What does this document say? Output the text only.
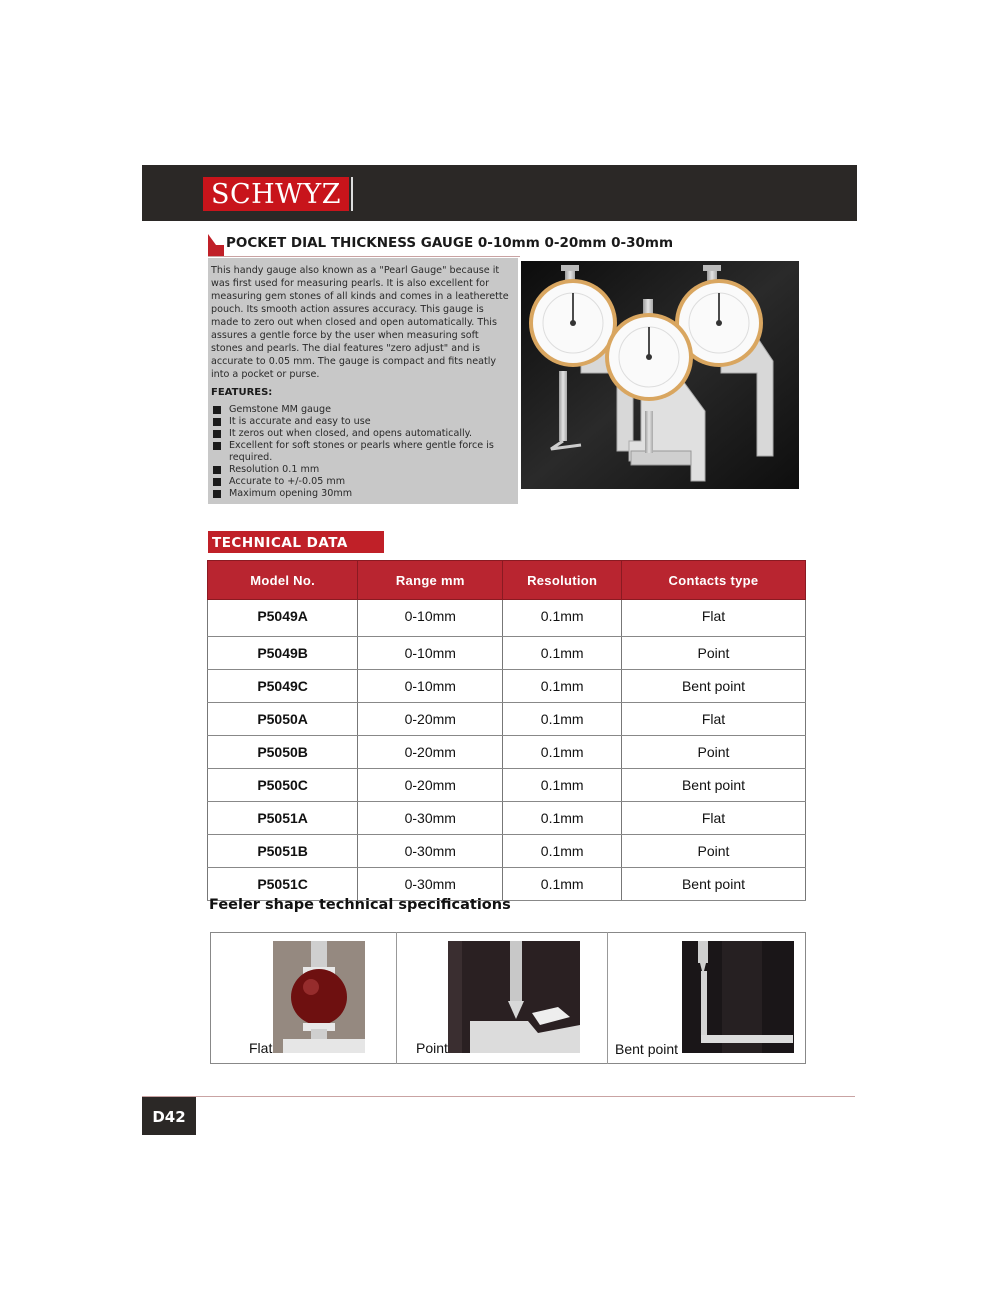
SCHWYZ
POCKET DIAL THICKNESS GAUGE 0-10mm 0-20mm 0-30mm

This handy gauge also known as a "Pearl Gauge" because it was first used for measuring pearls. It is also excellent for measuring gem stones of all kinds and comes in a leatherette pouch. Its smooth action assures accuracy. This gauge is made to zero out when closed and open automatically. This assures a gentle force by the user when measuring soft stones and pearls. The dial features "zero adjust" and is accurate to 0.05 mm. The gauge is compact and fits neatly into a pocket or purse.

FEATURES:
Gemstone MM gauge
It is accurate and easy to use
It zeros out when closed, and opens automatically.
Excellent for soft stones or pearls where gentle force is required.
Resolution 0.1 mm
Accurate to +/-0.05 mm
Maximum opening 30mm
TECHNICAL DATA
Model No.	Range mm	Resolution	Contacts type
P5049A	0-10mm	0.1mm	Flat
P5049B	0-10mm	0.1mm	Point
P5049C	0-10mm	0.1mm	Bent point
P5050A	0-20mm	0.1mm	Flat
P5050B	0-20mm	0.1mm	Point
P5050C	0-20mm	0.1mm	Bent point
P5051A	0-30mm	0.1mm	Flat
P5051B	0-30mm	0.1mm	Point
P5051C	0-30mm	0.1mm	Bent point
Feeler shape technical specifications
Flat	Point	Bent point
D42
